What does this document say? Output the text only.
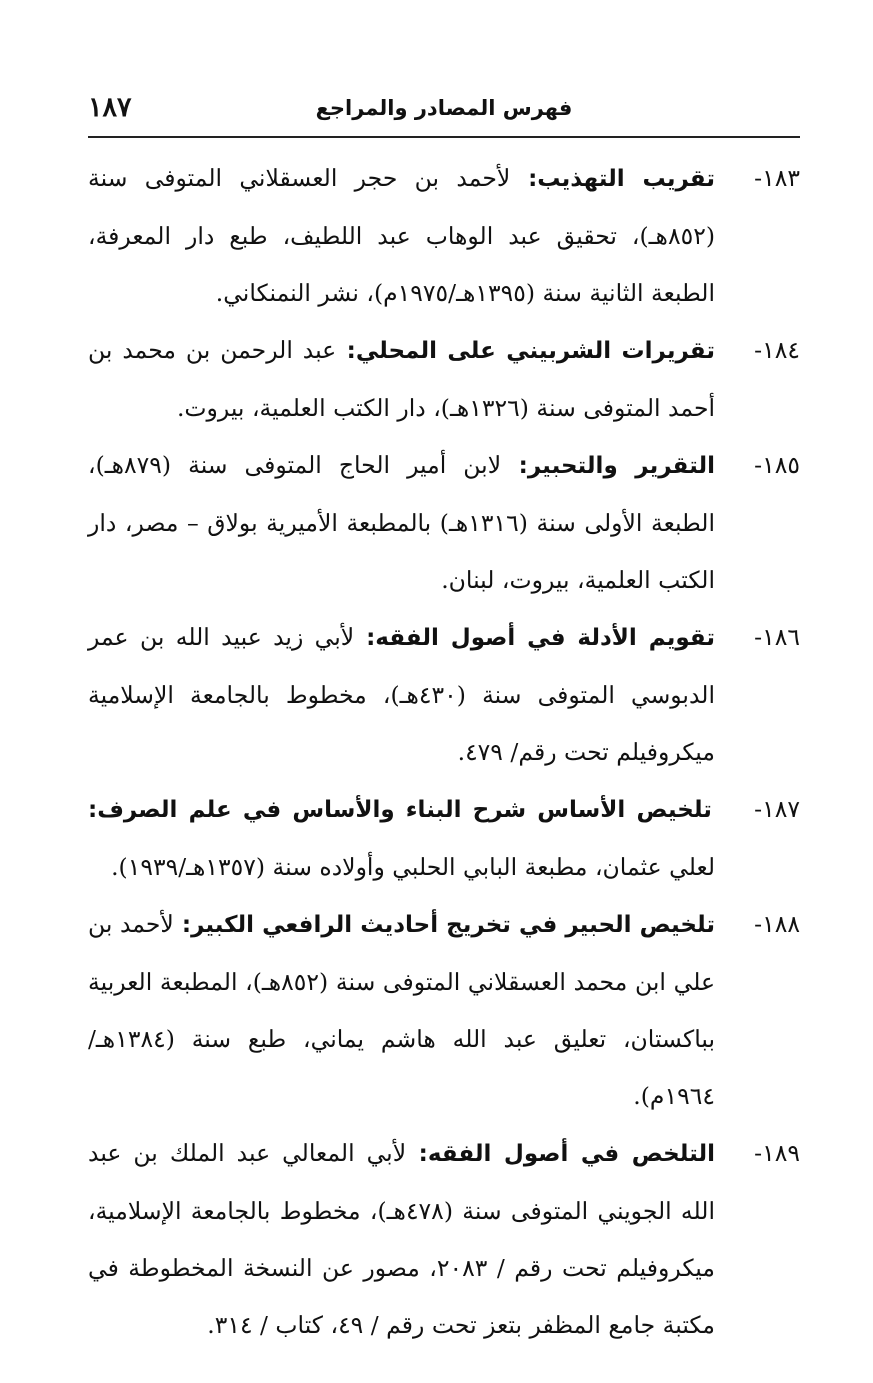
فهرس المصادر والمراجع
١٨٧
١٨٣-
تقريب التهذيب: لأحمد بن حجر العسقلاني المتوفى سنة (٨٥٢هـ)، تحقيق عبد الوهاب عبد اللطيف، طبع دار المعرفة، الطبعة الثانية سنة (١٣٩٥هـ/١٩٧٥م)، نشر النمنكاني.
١٨٤-
تقريرات الشربيني على المحلي: عبد الرحمن بن محمد بن أحمد المتوفى سنة (١٣٢٦هـ)، دار الكتب العلمية، بيروت.
١٨٥-
التقرير والتحبير: لابن أمير الحاج المتوفى سنة (٨٧٩هـ)، الطبعة الأولى سنة (١٣١٦هـ) بالمطبعة الأميرية بولاق – مصر، دار الكتب العلمية، بيروت، لبنان.
١٨٦-
تقويم الأدلة في أصول الفقه: لأبي زيد عبيد الله بن عمر الدبوسي المتوفى سنة (٤٣٠هـ)، مخطوط بالجامعة الإسلامية ميكروفيلم تحت رقم/ ٤٧٩.
١٨٧-
تلخيص الأساس شرح البناء والأساس في علم الصرف: لعلي عثمان، مطبعة البابي الحلبي وأولاده سنة (١٣٥٧هـ/١٩٣٩).
١٨٨-
تلخيص الحبير في تخريج أحاديث الرافعي الكبير: لأحمد بن علي ابن محمد العسقلاني المتوفى سنة (٨٥٢هـ)، المطبعة العربية بباكستان، تعليق عبد الله هاشم يماني، طبع سنة (١٣٨٤هـ/١٩٦٤م).
١٨٩-
التلخص في أصول الفقه: لأبي المعالي عبد الملك بن عبد الله الجويني المتوفى سنة (٤٧٨هـ)، مخطوط بالجامعة الإسلامية، ميكروفيلم تحت رقم / ٢٠٨٣، مصور عن النسخة المخطوطة في مكتبة جامع المظفر بتعز تحت رقم / ٤٩، كتاب / ٣١٤.
